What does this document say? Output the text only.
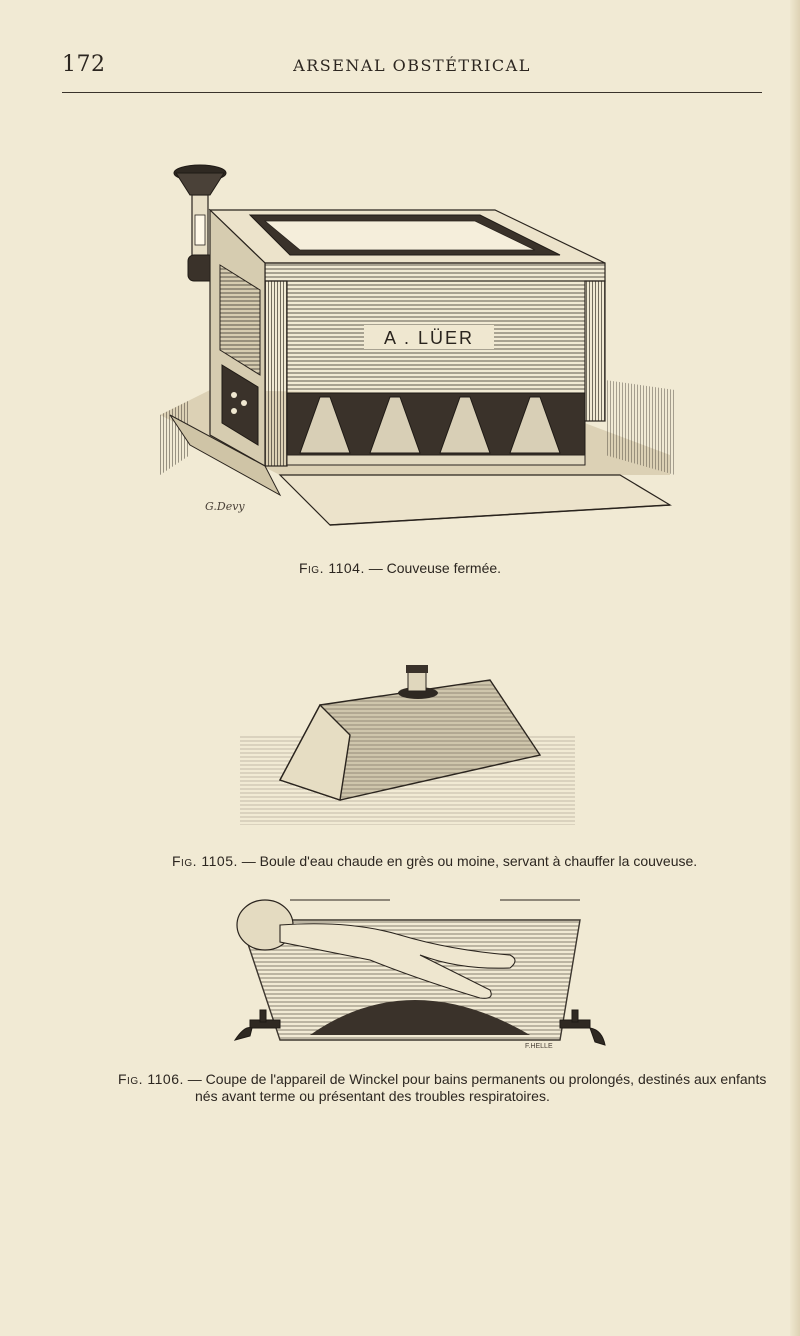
172	ARSENAL OBSTÉTRICAL
A . LÜER
G.Devy
Fig. 1104. — Couveuse fermée.
Fig. 1105. — Boule d'eau chaude en grès ou moine, servant à chauffer la couveuse.
F.HELLE
Fig. 1106. — Coupe de l'appareil de Winckel pour bains permanents ou prolongés, destinés aux enfants
nés avant terme ou présentant des troubles respiratoires.
